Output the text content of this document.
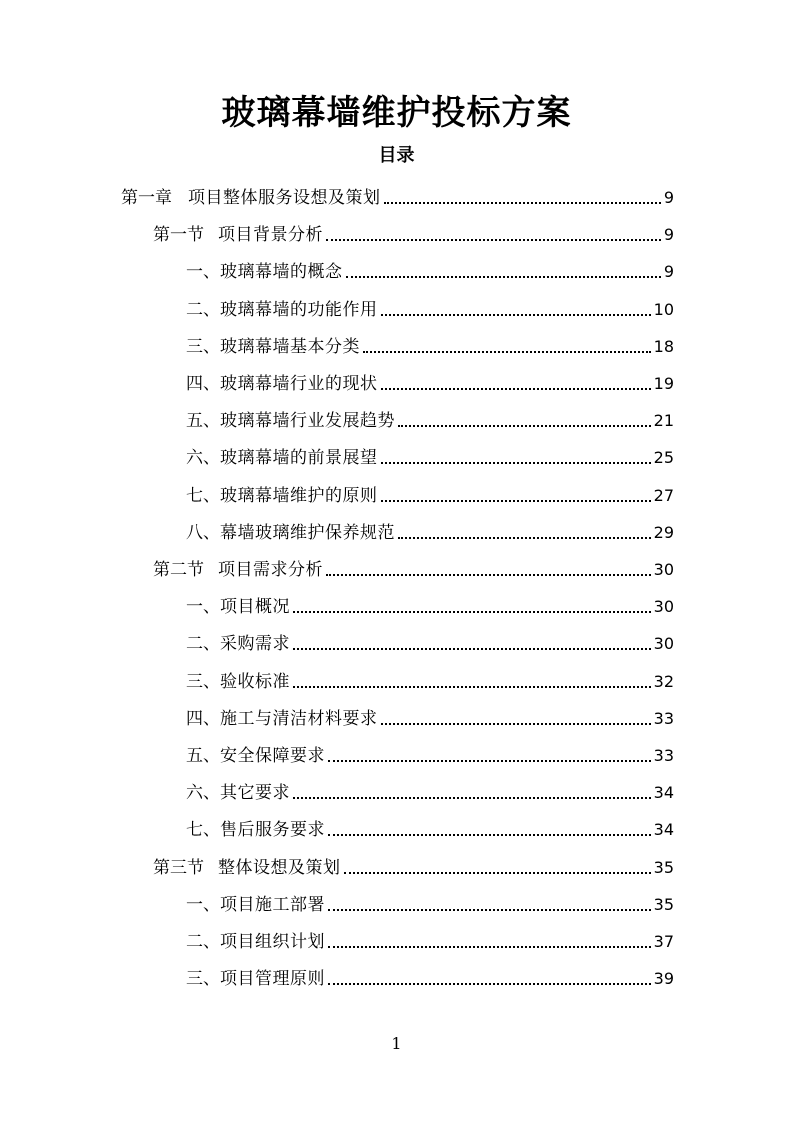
玻璃幕墙维护投标方案
目录
第一章 项目整体服务设想及策划	9
第一节 项目背景分析	9
一、 玻璃幕墙的概念	9
二、 玻璃幕墙的功能作用	10
三、 玻璃幕墙基本分类	18
四、 玻璃幕墙行业的现状	19
五、 玻璃幕墙行业发展趋势	21
六、 玻璃幕墙的前景展望	25
七、 玻璃幕墙维护的原则	27
八、 幕墙玻璃维护保养规范	29
第二节 项目需求分析	30
一、 项目概况	30
二、 采购需求	30
三、 验收标准	32
四、 施工与清洁材料要求	33
五、 安全保障要求	33
六、 其它要求	34
七、 售后服务要求	34
第三节 整体设想及策划	35
一、 项目施工部署	35
二、 项目组织计划	37
三、 项目管理原则	39
1
